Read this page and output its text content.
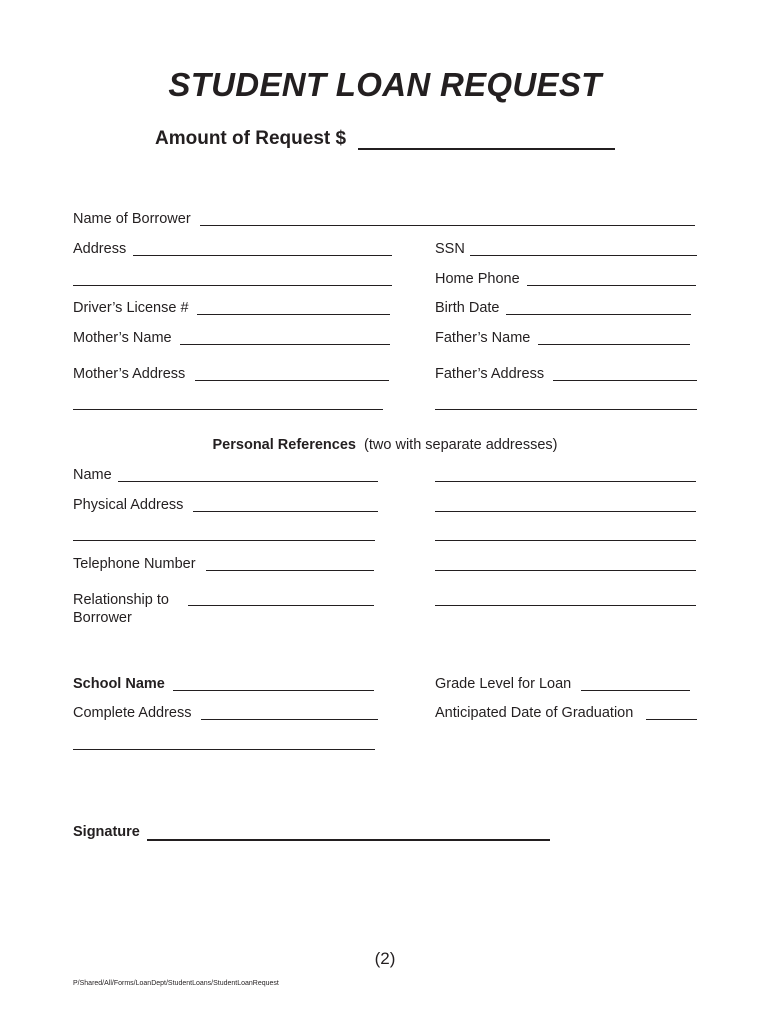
STUDENT LOAN REQUEST
Amount of Request $
Name of Borrower
Address	SSN
Home Phone
Driver’s License #	Birth Date
Mother’s Name	Father’s Name
Mother’s Address	Father’s Address
Personal References (two with separate addresses)
Name
Physical Address
Telephone Number
Relationship to
Borrower
School Name	Grade Level for Loan
Complete Address	Anticipated Date of Graduation
Signature
(2)
P/Shared/All/Forms/LoanDept/StudentLoans/StudentLoanRequest
